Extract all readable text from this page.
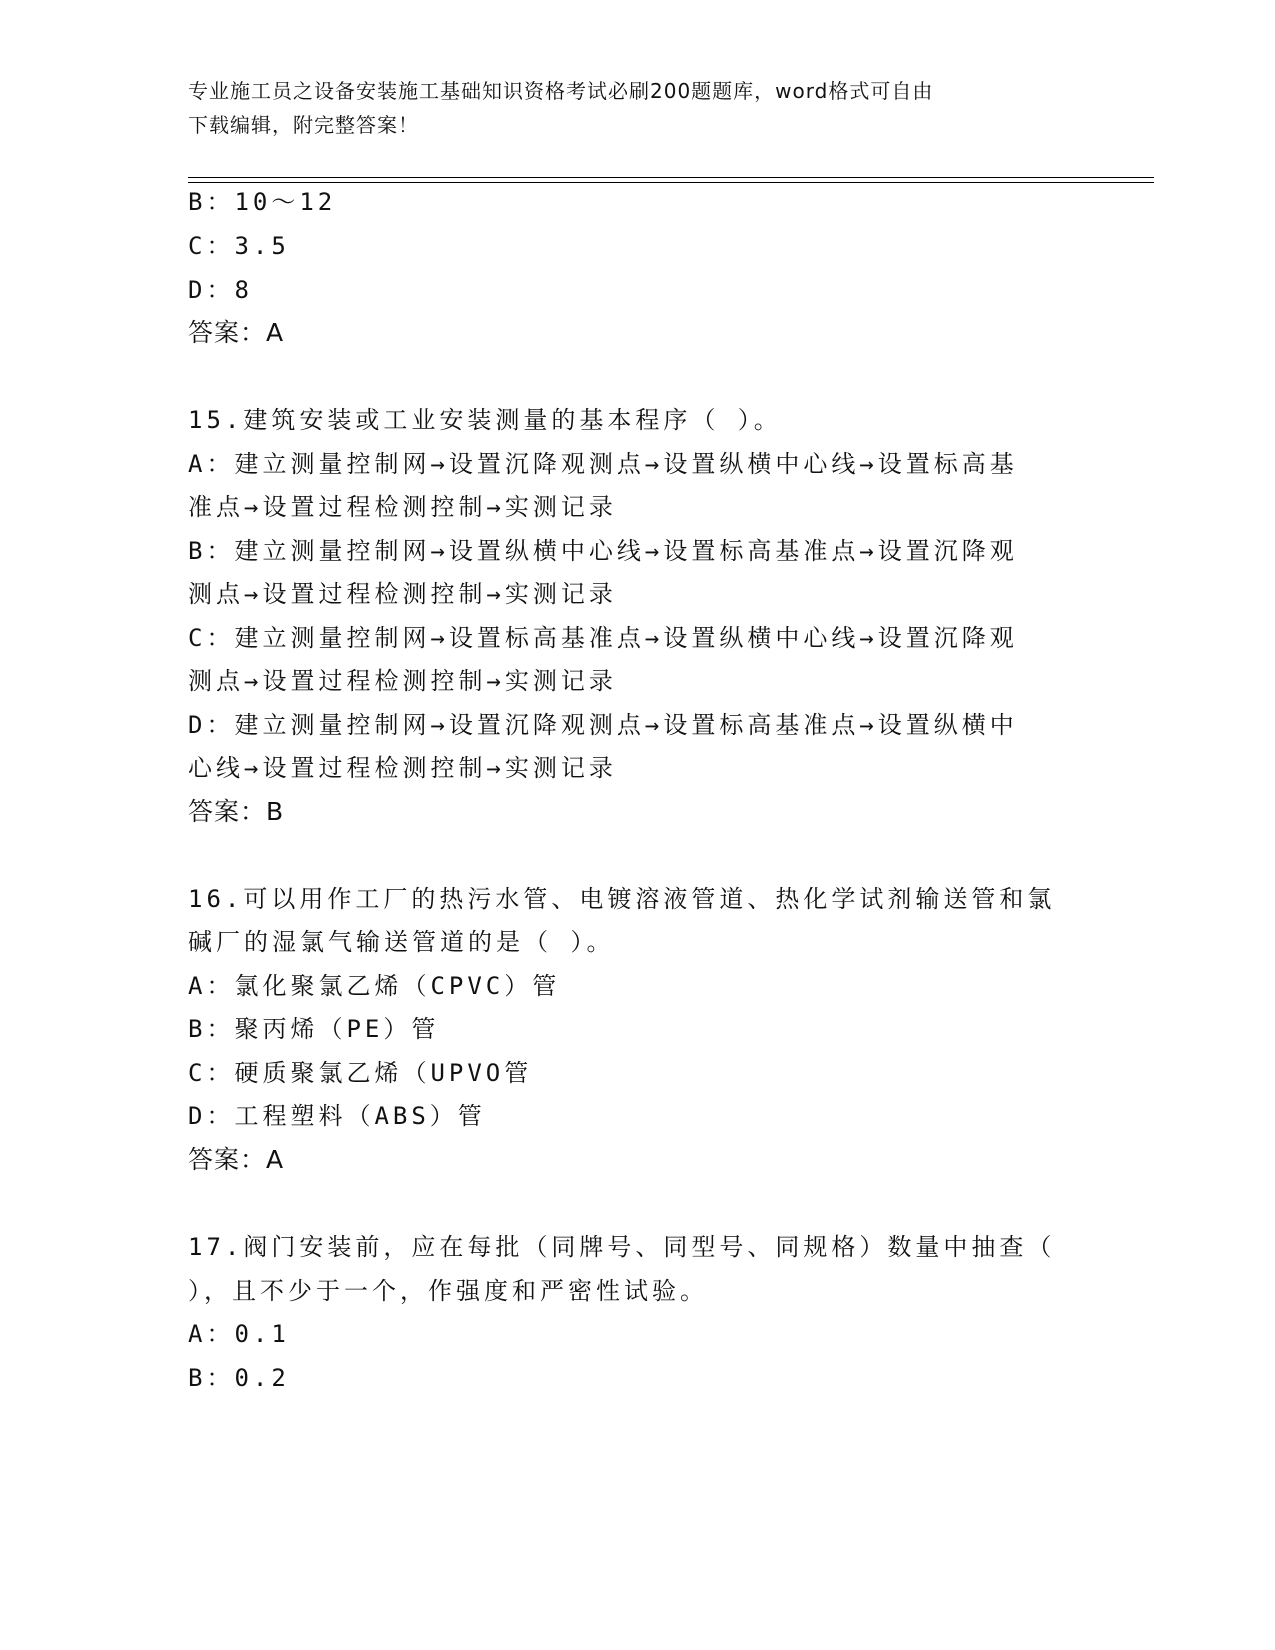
专业施工员之设备安装施工基础知识资格考试必刷200题题库，word格式可自由
下载编辑，附完整答案！
B：10～12
C：3.5
D：8
答案：A
15.建筑安装或工业安装测量的基本程序（ ）。
A：建立测量控制网→设置沉降观测点→设置纵横中心线→设置标高基
准点→设置过程检测控制→实测记录
B：建立测量控制网→设置纵横中心线→设置标高基准点→设置沉降观
测点→设置过程检测控制→实测记录
C：建立测量控制网→设置标高基准点→设置纵横中心线→设置沉降观
测点→设置过程检测控制→实测记录
D：建立测量控制网→设置沉降观测点→设置标高基准点→设置纵横中
心线→设置过程检测控制→实测记录
答案：B
16.可以用作工厂的热污水管、电镀溶液管道、热化学试剂输送管和氯
碱厂的湿氯气输送管道的是（ ）。
A：氯化聚氯乙烯（CPVC）管
B：聚丙烯（PE）管
C：硬质聚氯乙烯（UPVO管
D：工程塑料（ABS）管
答案：A
17.阀门安装前，应在每批（同牌号、同型号、同规格）数量中抽查（
），且不少于一个，作强度和严密性试验。
A：0.1
B：0.2
